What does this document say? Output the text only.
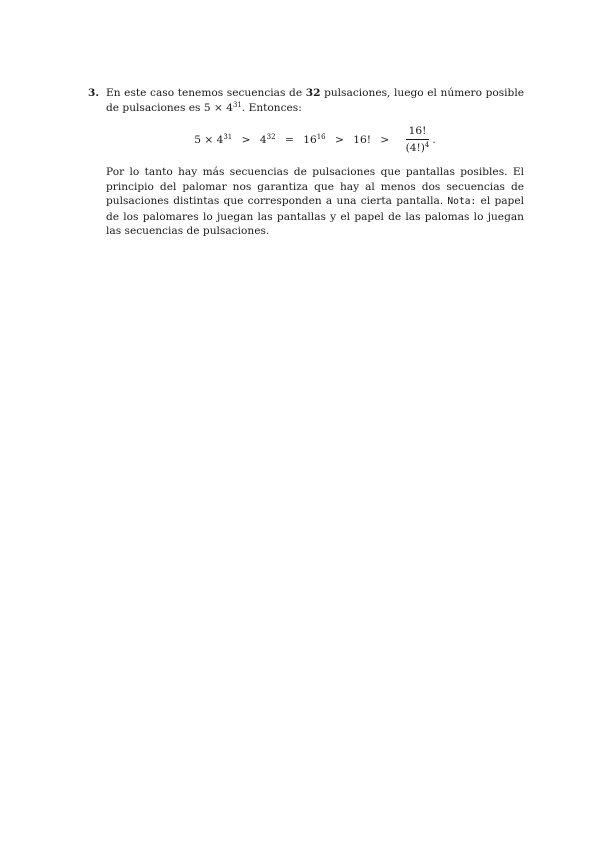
3. En este caso tenemos secuencias de 32 pulsaciones, luego el número posible de pulsaciones es $5 \times 4^{31}$. Entonces:
$5 \times 4^{31} > 4^{32} = 16^{16} > 16$! > $\frac{16!}{(4!)^4}$ .
Por lo tanto hay más secuencias de pulsaciones que pantallas posibles. El principio del palomar nos garantiza que hay al menos dos secuencias de pulsaciones distintas que corresponden a una cierta pantalla. Nota: el papel de los palomares lo juegan las pantallas y el papel de las palomas lo juegan las secuencias de pulsaciones.
